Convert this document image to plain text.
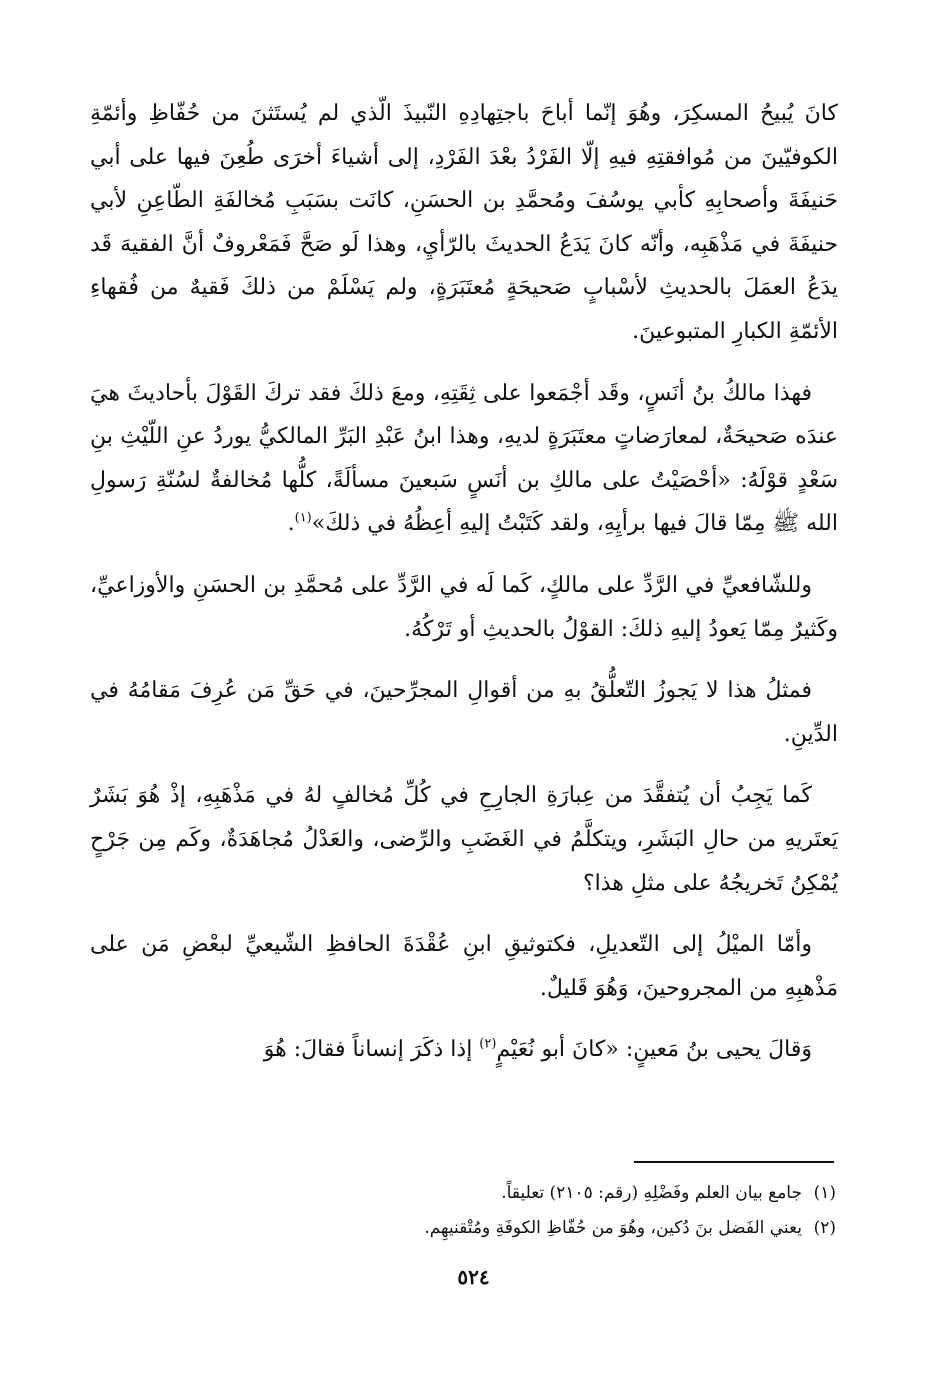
كانَ يُبيحُ المسكِرَ، وهُوَ إنّما أباحَ باجتِهادِهِ النّبيذَ الّذي لم يُستَثنَ من حُفّاظِ وأئمّةِ الكوفيّينَ من مُوافقتِهِ فيهِ إلّا الفَرْدُ بعْدَ الفَرْدِ، إلى أشياءَ أخرَى طُعِنَ فيها على أبي حَنيفَةَ وأصحابِهِ كأبي يوسُفَ ومُحمَّدِ بن الحسَنِ، كانَت بسَبَبِ مُخالفَةِ الطّاعِنِ لأبي حنيفَةَ في مَذْهَبِه، وأنّه كانَ يَدَعُ الحديثَ بالرّأيِ، وهذا لَو صَحَّ فَمَعْروفٌ أنَّ الفقيهَ قَد يدَعُ العمَلَ بالحديثِ لأسْبابٍ صَحيحَةٍ مُعتَبَرَةٍ، ولم يَسْلَمْ من ذلكَ فَقيهٌ من فُقهاءِ الأئمّةِ الكبارِ المتبوعينَ.

فهذا مالكُ بنُ أنَسٍ، وقَد أجْمَعوا على ثِقَتِهِ، ومعَ ذلكَ فقد تركَ القَوْلَ بأحاديثَ هيَ عندَه صَحيحَةٌ، لمعارَضاتٍ معتَبَرَةٍ لديهِ، وهذا ابنُ عَبْدِ البَرِّ المالكيُّ يوردُ عنِ اللّيْثِ بنِ سَعْدٍ قوْلَهُ: «أحْصَيْتُ على مالكِ بن أنَسٍ سَبعينَ مسألَةً، كلُّها مُخالفةٌ لسُنّةِ رَسولِ الله ﷺ مِمّا قالَ فيها برأيِهِ، ولقد كَتَبْتُ إليهِ أعِظُهُ في ذلكَ»$^{(١)}$.

وللشّافعيِّ في الرَّدِّ على مالكٍ، كَما لَه في الرَّدِّ على مُحمَّدِ بن الحسَنِ والأوزاعيِّ، وكَثيرٌ مِمّا يَعودُ إليهِ ذلكَ: القوْلُ بالحديثِ أو تَرْكُهُ.

فمثلُ هذا لا يَجوزُ التّعلُّقُ بهِ من أقوالِ المجرِّحينَ، في حَقِّ مَن عُرِفَ مَقامُهُ في الدِّينِ.

كَما يَجِبُ أن يُتفقَّدَ من عِبارَةِ الجارِحِ في كُلِّ مُخالفٍ لهُ في مَذْهَبِهِ، إذْ هُوَ بَشَرٌ يَعتَريهِ من حالِ البَشَرِ، ويتكلَّمُ في الغَضَبِ والرِّضى، والعَدْلُ مُجاهَدَةٌ، وكَم مِن جَرْحٍ يُمْكِنُ تَخريجُهُ على مثلِ هذا؟

وأمّا الميْلُ إلى التّعديلِ، فكتوثيقِ ابنِ عُقْدَةَ الحافظِ الشّيعيِّ لبعْضِ مَن على مَذْهبِهِ من المجروحينَ، وَهُوَ قَليلٌ.

وَقالَ يحيى بنُ مَعينٍ: «كانَ أبو نُعَيْمٍ$^{(٢)}$ إذا ذكَرَ إنساناً فقالَ: هُوَ

(١)جامع بيان العلم وفَضْلِهِ (رقم: ٢١٠٥) تعليقاً.

(٢)يعني الفَضل بنَ دُكين، وهُوَ من حُفّاظِ الكوفَةِ ومُتْقنيهِم.

٥٢٤
